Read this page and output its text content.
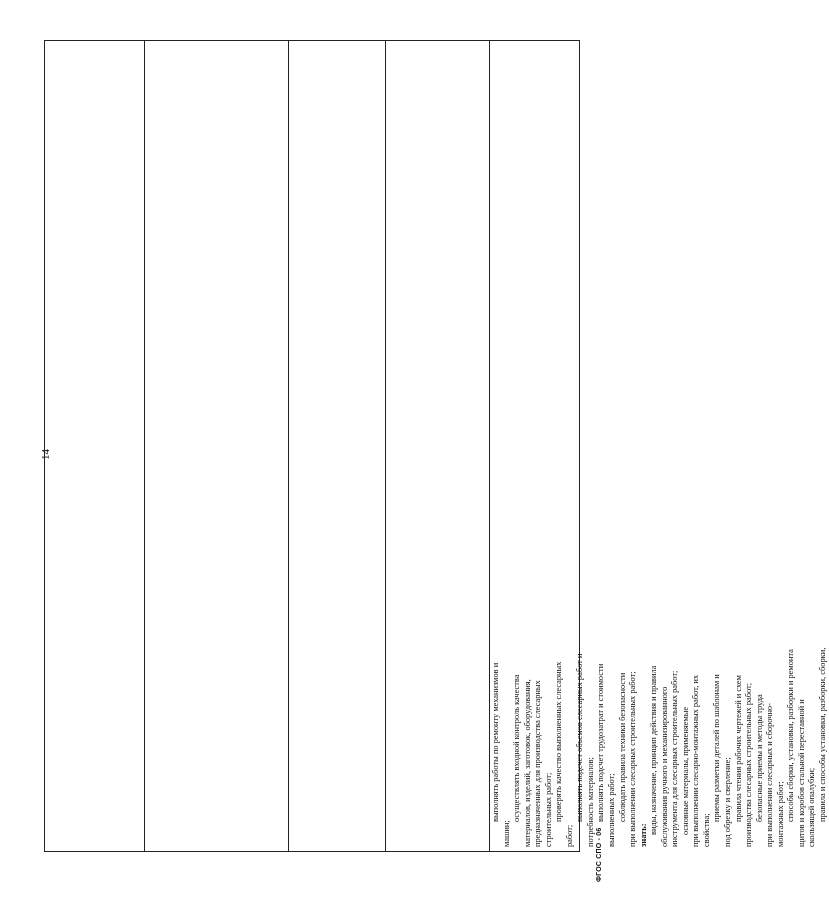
14

выполнять работы по ремонту механизмов и

машин;

осуществлять входной контроль качества материалов, изделий, заготовок, оборудования, предназначенных для производства слесарных строительных работ; проверять качество выполненных слесарных

работ;

выполнять подсчет объемов слесарных работ и потребность материалов; выполнять подсчет трудозатрат и стоимости выполненных работ; соблюдать правила техники безопасности при выполнении слесарных строительных работ; знать:

виды, назначение, принцип действия и правила обслуживания ручного и механизированного инструмента для слесарных строительных работ; основные материалы, применяемые при выполнении слесарно-монтажных работ, их свойства;

приемы разметки деталей по шаблонам и под обрезку и сверление; правила чтения рабочих чертежей и схем производства слесарных строительных работ; безопасные приемы и методы труда при выполнении слесарных и сборочно- монтажных работ; способы сборки, установки, разборки и ремонта щитов и коробов стальной переставной и скользящей опалубки; правила и способы установки, разборки, сборки,

ФГОС СПО - 06
